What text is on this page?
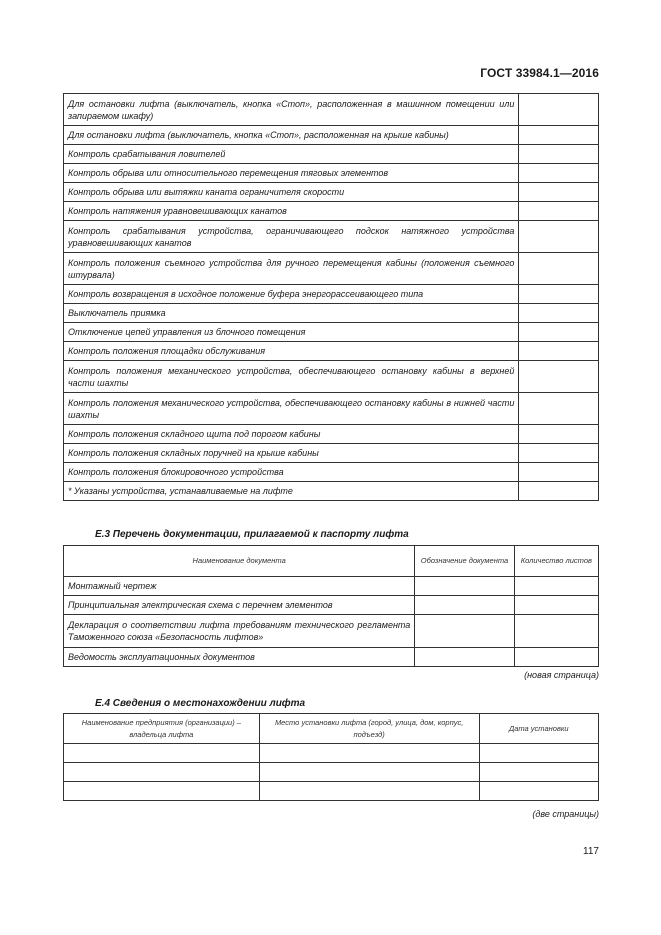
ГОСТ 33984.1—2016
Для остановки лифта (выключатель, кнопка «Стоп», расположенная в машинном помещении или запираемом шкафу)	
Для остановки лифта (выключатель, кнопка «Стоп», расположенная на крыше кабины)	
Контроль срабатывания ловителей	
Контроль обрыва или относительного перемещения тяговых элементов	
Контроль обрыва или вытяжки каната ограничителя скорости	
Контроль натяжения уравновешивающих канатов	
Контроль срабатывания устройства, ограничивающего подскок натяжного устройства уравновешивающих канатов	
Контроль положения съемного устройства для ручного перемещения кабины (положения съемного штурвала)	
Контроль возвращения в исходное положение буфера энергорассеивающего типа	
Выключатель приямка	
Отключение цепей управления из блочного помещения	
Контроль положения площадки обслуживания	
Контроль положения механического устройства, обеспечивающего остановку кабины в верхней части шахты	
Контроль положения механического устройства, обеспечивающего остановку кабины в нижней части шахты	
Контроль положения складного щита под порогом кабины	
Контроль положения складных поручней на крыше кабины	
Контроль положения блокировочного устройства	
* Указаны устройства, устанавливаемые на лифте	
Е.3 Перечень документации, прилагаемой к паспорту лифта
Наименование документа	Обозначение документа	Количество листов
Монтажный чертеж		
Принципиальная электрическая схема с перечнем элементов		
Декларация о соответствии лифта требованиям технического регламента Таможенного союза «Безопасность лифтов»		
Ведомость эксплуатационных документов		
(новая страница)
Е.4 Сведения о местонахождении лифта
Наименование предприятия (организации) – владельца лифта	Место установки лифта (город, улица, дом, корпус, подъезд)	Дата установки

(две страницы)
117
